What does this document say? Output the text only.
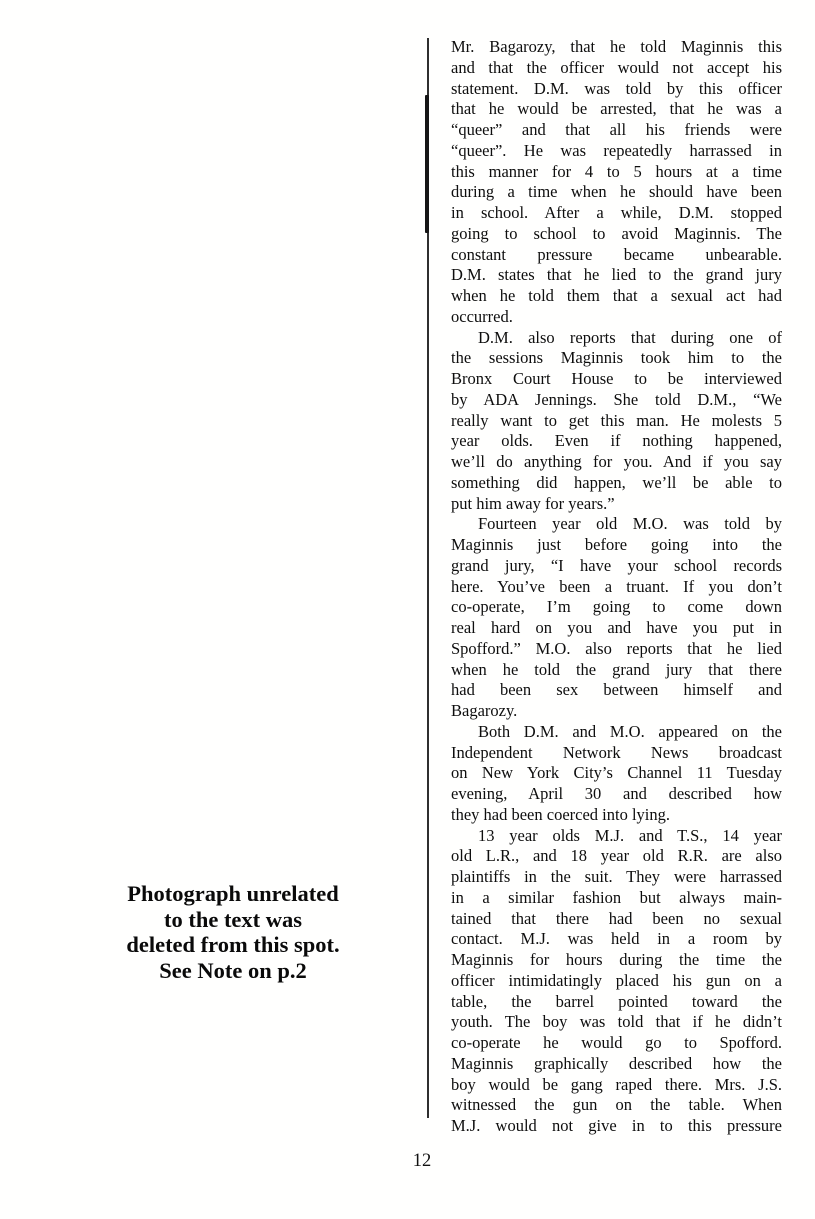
Photograph unrelated
to the text was
deleted from this spot.
See Note on p.2
Mr. Bagarozy, that he told Maginnis this
and that the officer would not accept his
statement. D.M. was told by this officer
that he would be arrested, that he was a
“queer” and that all his friends were
“queer”. He was repeatedly harrassed in
this manner for 4 to 5 hours at a time
during a time when he should have been
in school. After a while, D.M. stopped
going to school to avoid Maginnis. The
constant pressure became unbearable.
D.M. states that he lied to the grand jury
when he told them that a sexual act had
occurred.
D.M. also reports that during one of
the sessions Maginnis took him to the
Bronx Court House to be interviewed
by ADA Jennings. She told D.M., “We
really want to get this man. He molests 5
year olds. Even if nothing happened,
we’ll do anything for you. And if you say
something did happen, we’ll be able to
put him away for years.”
Fourteen year old M.O. was told by
Maginnis just before going into the
grand jury, “I have your school records
here. You’ve been a truant. If you don’t
co-operate, I’m going to come down
real hard on you and have you put in
Spofford.” M.O. also reports that he lied
when he told the grand jury that there
had been sex between himself and
Bagarozy.
Both D.M. and M.O. appeared on the
Independent Network News broadcast
on New York City’s Channel 11 Tuesday
evening, April 30 and described how
they had been coerced into lying.
13 year olds M.J. and T.S., 14 year
old L.R., and 18 year old R.R. are also
plaintiffs in the suit. They were harrassed
in a similar fashion but always main-
tained that there had been no sexual
contact. M.J. was held in a room by
Maginnis for hours during the time the
officer intimidatingly placed his gun on a
table, the barrel pointed toward the
youth. The boy was told that if he didn’t
co-operate he would go to Spofford.
Maginnis graphically described how the
boy would be gang raped there. Mrs. J.S.
witnessed the gun on the table. When
M.J. would not give in to this pressure
12
